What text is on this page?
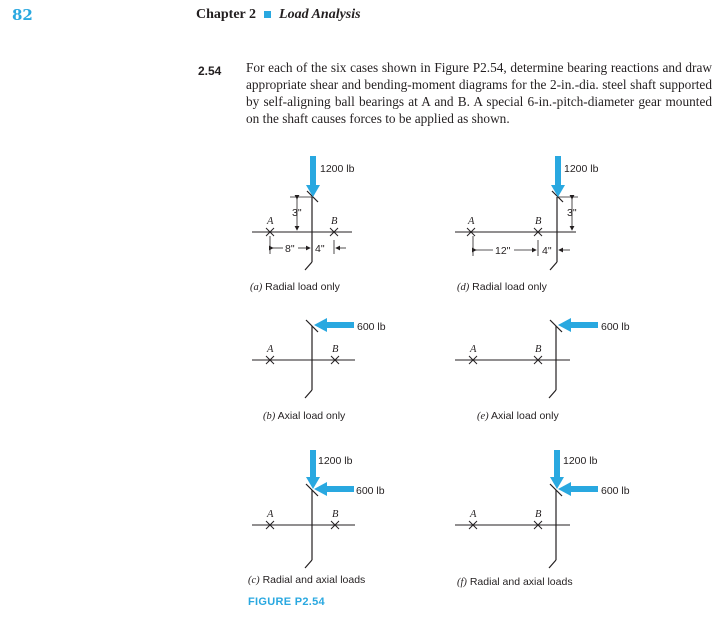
82	Chapter 2 Load Analysis
2.54 For each of the six cases shown in Figure P2.54, determine bearing reactions and draw appropriate shear and bending-moment diagrams for the 2-in.-dia. steel shaft supported by self-aligning ball bearings at A and B. A special 6-in.-pitch-diameter gear mounted on the shaft causes forces to be applied as shown.
A	B
3"
8" 4"
1200 lb
(a) Radial load only
A	B
3"
12"	4"
1200 lb
(d) Radial load only
A	B
600 lb
(b) Axial load only
A	B
600 lb
(e) Axial load only
A	B
1200 lb
600 lb
(c) Radial and axial loads
A	B
1200 lb
600 lb
(f) Radial and axial loads
FIGURE P2.54
